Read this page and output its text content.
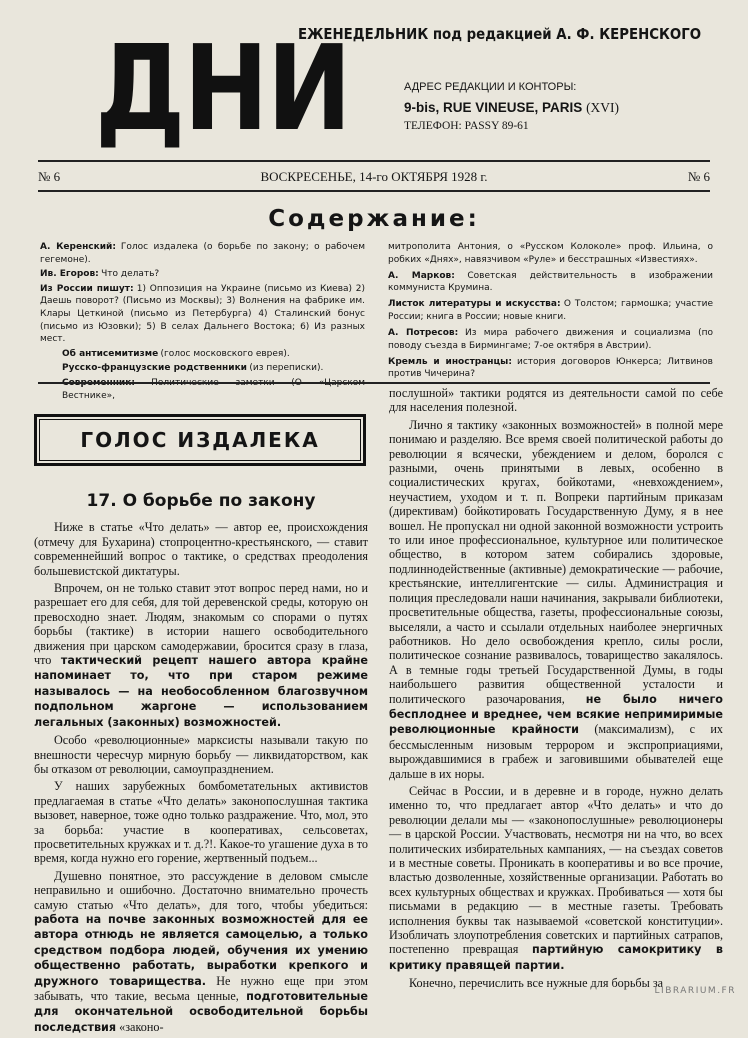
ДНИ
ЕЖЕНЕДЕЛЬНИК под редакцией А. Ф. КЕРЕНСКОГО
АДРЕС РЕДАКЦИИ И КОНТОРЫ:
9-bis, RUE VINEUSE, PARIS (XVI)
ТЕЛЕФОН: PASSY 89-61
№ 6	ВОСКРЕСЕНЬЕ, 14-го ОКТЯБРЯ 1928 г.	№ 6
Содержание:
А. Керенский: Голос издалека (о борьбе по закону; о рабочем гегемоне).
Ив. Егоров: Что делать?
Из России пишут: 1) Оппозиция на Украине (письмо из Киева) 2) Даешь поворот? (Письмо из Москвы); 3) Волнения на фабрике им. Клары Цеткиной (письмо из Петербурга) 4) Сталинский бонус (письмо из Юзовки); 5) В селах Дальнего Востока; 6) Из разных мест.
Об антисемитизме (голос московского еврея).
Русско-французские родственники (из переписки).
Современник: Политические заметки (О «Царском Вестнике»,
митрополита Антония, о «Русском Колоколе» проф. Ильина, о робких «Днях», навязчивом «Руле» и бесстрашных «Известиях».
А. Марков: Советская действительность в изображении коммуниста Крумина.
Листок литературы и искусства: О Толстом; гармошка; участие России; книга в России; новые книги.
А. Потресов: Из мира рабочего движения и социализма (по поводу съезда в Бирмингаме; 7-ое октября в Австрии).
Кремль и иностранцы: история договоров Юнкерса; Литвинов против Чичерина?
ГОЛОС ИЗДАЛЕКА
17. О борьбе по закону

Ниже в статье «Что делать» — автор ее, происхождения (отмечу для Бухарина) стопроцентно-крестьянского, — ставит современнейший вопрос о тактике, о средствах преодоления большевистской диктатуры.

Впрочем, он не только ставит этот вопрос перед нами, но и разрешает его для себя, для той деревенской среды, которую он превосходно знает. Людям, знакомым со спорами о путях борьбы (тактике) в истории нашего освободительного движения при царском самодержавии, бросится сразу в глаза, что тактический рецепт нашего автора крайне напоминает то, что при старом режиме называлось — на необособленном благозвучном подпольном жаргоне — использованием легальных (законных) возможностей.

Особо «революционные» марксисты называли такую по внешности чересчур мирную борьбу — ликвидаторством, как бы отказом от революции, самоупразднением.

У наших зарубежных бомбометательных активистов предлагаемая в статье «Что делать» законопослушная тактика вызовет, наверное, тоже одно только раздражение. Что, мол, это за борьба: участие в кооперативах, сельсоветах, просветительных кружках и т. д.?!. Какое-то угашение духа в то время, когда нужно его горение, жертвенный подъем...

Душевно понятное, это рассуждение в деловом смысле неправильно и ошибочно. Достаточно внимательно прочесть самую статью «Что делать», для того, чтобы убедиться: работа на почве законных возможностей для ее автора отнюдь не является самоцелью, а только средством подбора людей, обучения их умению общественно работать, выработки крепкого и дружного товарищества. Не нужно еще при этом забывать, что такие, весьма ценные, подготовительные для окончательной освободительной борьбы последствия «законо-

послушной» тактики родятся из деятельности самой по себе для населения полезной.

Лично я тактику «законных возможностей» в полной мере понимаю и разделяю. Все время своей политической работы до революции я всячески, убеждением и делом, боролся с разными, очень принятыми в левых, особенно в социалистических кругах, бойкотами, «невхождением», неучастием, уходом и т. п. Вопреки партийным приказам (директивам) бойкотировать Государственную Думу, я в нее вошел. Не пропускал ни одной законной возможности устроить то или иное профессиональное, культурное или политическое общество, в котором затем собирались здоровые, подлиннодейственные (активные) демократические — рабочие, крестьянские, интеллигентские — силы. Администрация и полиция преследовали наши начинания, закрывали библиотеки, просветительные общества, газеты, профессиональные союзы, выселяли, а часто и ссылали отдельных наиболее энергичных работников. Но дело освобождения крепло, силы росли, политическое сознание развивалось, товарищество закалялось. А в темные годы третьей Государственной Думы, в годы наибольшего развития общественной усталости и политического разочарования, не было ничего бесплоднее и вреднее, чем всякие непримиримые революционные крайности (максимализм), с их бессмысленным низовым террором и экспроприациями, вырождавшимися в грабеж и заговившими обывателей еще дальше в их норы.

Сейчас в России, и в деревне и в городе, нужно делать именно то, что предлагает автор «Что делать» и что до революции делали мы — «законопослушные» революционеры — в царской России. Участвовать, несмотря ни на что, во всех политических избирательных кампаниях, — на съездах советов и в местные советы. Проникать в кооперативы и во все прочие, властью дозволенные, хозяйственные организации. Работать во всех культурных обществах и кружках. Пробиваться — хотя бы письмами в редакцию — в местные газеты. Требовать исполнения буквы так называемой «советской конституции». Изобличать злоупотребления советских и партийных сатрапов, постепенно превращая партийную самокритику в критику правящей партии.

Конечно, перечислить все нужные для борьбы за

LIBRARIUM.FR
